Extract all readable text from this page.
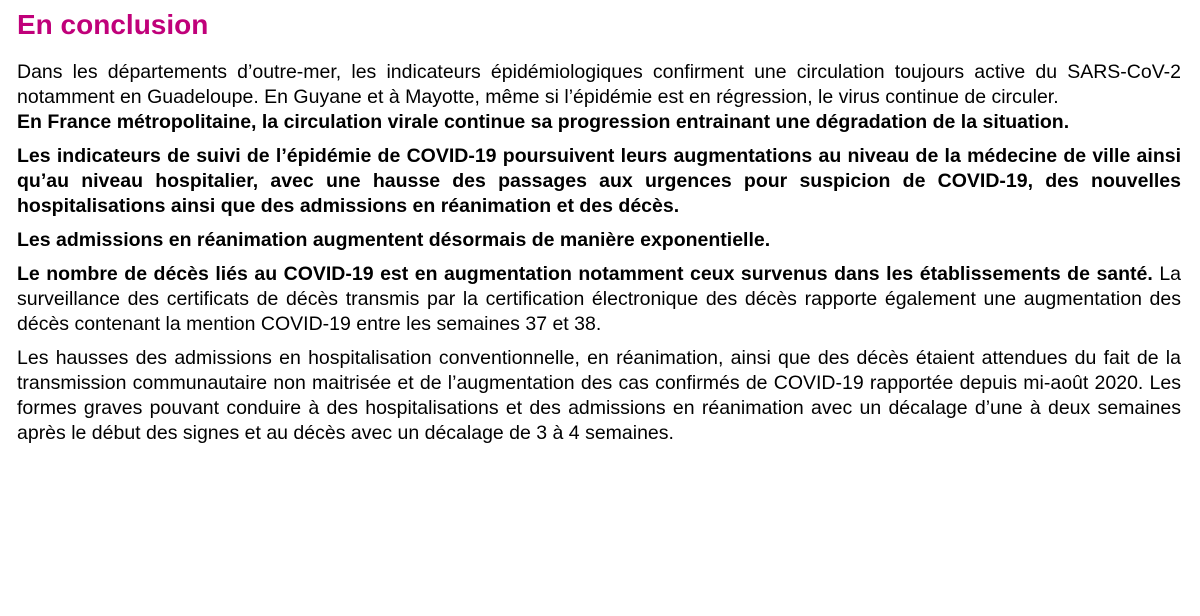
En conclusion

Dans les départements d’outre-mer, les indicateurs épidémiologiques confirment une circulation toujours active du SARS-CoV-2 notamment en Guadeloupe. En Guyane et à Mayotte, même si l’épidémie est en régression, le virus continue de circuler.

En France métropolitaine, la circulation virale continue sa progression entrainant une dégradation de la situation.

Les indicateurs de suivi de l’épidémie de COVID-19 poursuivent leurs augmentations au niveau de la médecine de ville ainsi qu’au niveau hospitalier, avec une hausse des passages aux urgences pour suspicion de COVID-19, des nouvelles hospitalisations ainsi que des admissions en réanimation et des décès.

Les admissions en réanimation augmentent désormais de manière exponentielle.

Le nombre de décès liés au COVID-19 est en augmentation notamment ceux survenus dans les établissements de santé. La surveillance des certificats de décès transmis par la certification électronique des décès rapporte également une augmentation des décès contenant la mention COVID-19 entre les semaines 37 et 38.

Les hausses des admissions en hospitalisation conventionnelle, en réanimation, ainsi que des décès étaient attendues du fait de la transmission communautaire non maitrisée et de l’augmentation des cas confirmés de COVID-19 rapportée depuis mi-août 2020. Les formes graves pouvant conduire à des hospitalisations et des admissions en réanimation avec un décalage d’une à deux semaines après le début des signes et au décès avec un décalage de 3 à 4 semaines.
